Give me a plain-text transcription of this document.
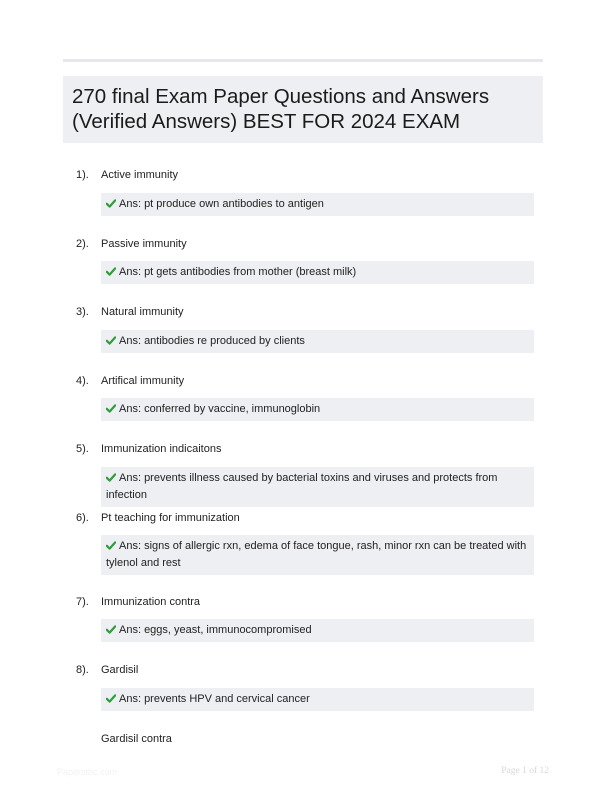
270 final Exam Paper Questions and Answers (Verified Answers) BEST FOR 2024 EXAM
1). Active immunity
Ans: pt produce own antibodies to antigen
2). Passive immunity
Ans: pt gets antibodies from mother (breast milk)
3). Natural immunity
Ans: antibodies re produced by clients
4). Artifical immunity
Ans: conferred by vaccine, immunoglobin
5). Immunization indicaitons
Ans: prevents illness caused by bacterial toxins and viruses and protects from infection
6). Pt teaching for immunization
Ans: signs of allergic rxn, edema of face tongue, rash, minor rxn can be treated with tylenol and rest
7). Immunization contra
Ans: eggs, yeast, immunocompromised
8). Gardisil
Ans: prevents HPV and cervical cancer
Gardisil contra
Paperstbc.com	Page 1 of 12
